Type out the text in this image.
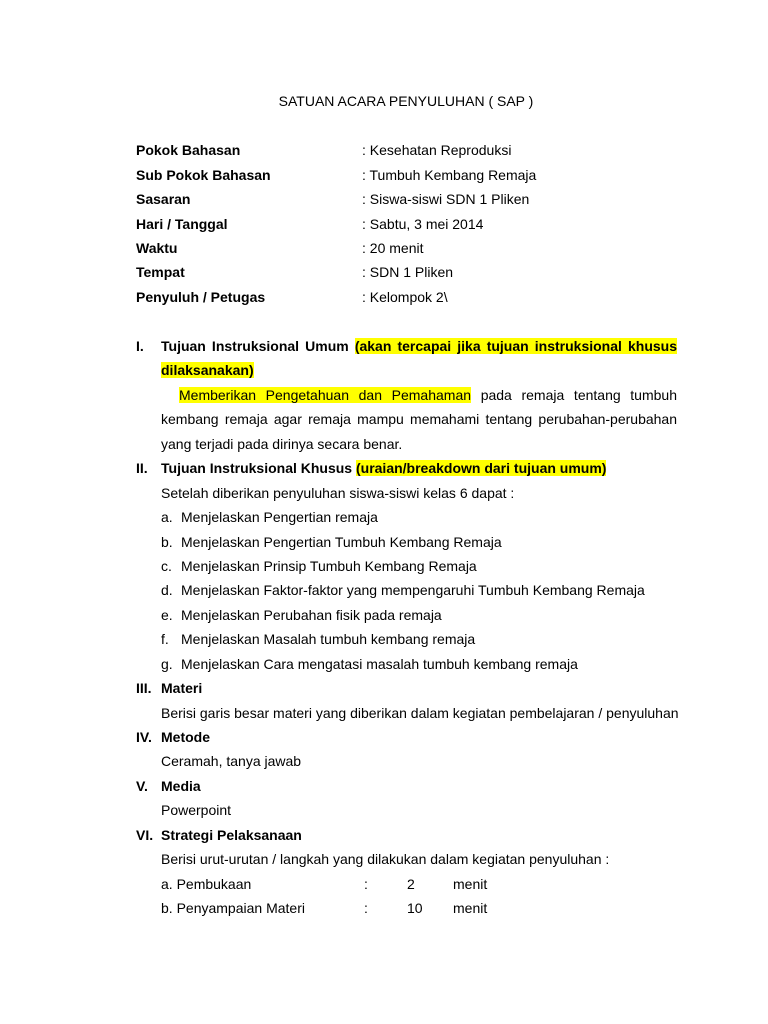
SATUAN ACARA PENYULUHAN ( SAP )
Pokok Bahasan	: Kesehatan Reproduksi
Sub Pokok Bahasan	: Tumbuh Kembang Remaja
Sasaran	: Siswa-siswi SDN 1 Pliken
Hari / Tanggal	: Sabtu, 3 mei 2014
Waktu	: 20 menit
Tempat	: SDN 1 Pliken
Penyuluh / Petugas	: Kelompok 2\
I. Tujuan Instruksional Umum (akan tercapai jika tujuan instruksional khusus
dilaksanakan)
Memberikan Pengetahuan dan Pemahaman pada remaja tentang tumbuh
kembang remaja agar remaja mampu memahami tentang perubahan-perubahan
yang terjadi pada dirinya secara benar.
II. Tujuan Instruksional Khusus (uraian/breakdown dari tujuan umum)
Setelah diberikan penyuluhan siswa-siswi kelas 6 dapat :
a. Menjelaskan Pengertian remaja
b. Menjelaskan Pengertian Tumbuh Kembang Remaja
c. Menjelaskan Prinsip Tumbuh Kembang Remaja
d. Menjelaskan Faktor-faktor yang mempengaruhi Tumbuh Kembang Remaja
e. Menjelaskan Perubahan fisik pada remaja
f. Menjelaskan Masalah tumbuh kembang remaja
g. Menjelaskan Cara mengatasi masalah tumbuh kembang remaja
III. Materi
Berisi garis besar materi yang diberikan dalam kegiatan pembelajaran / penyuluhan
IV. Metode
Ceramah, tanya jawab
V. Media
Powerpoint
VI. Strategi Pelaksanaan
Berisi urut-urutan / langkah yang dilakukan dalam kegiatan penyuluhan :
a. Pembukaan	:	2	menit
b. Penyampaian Materi	:	10 menit
